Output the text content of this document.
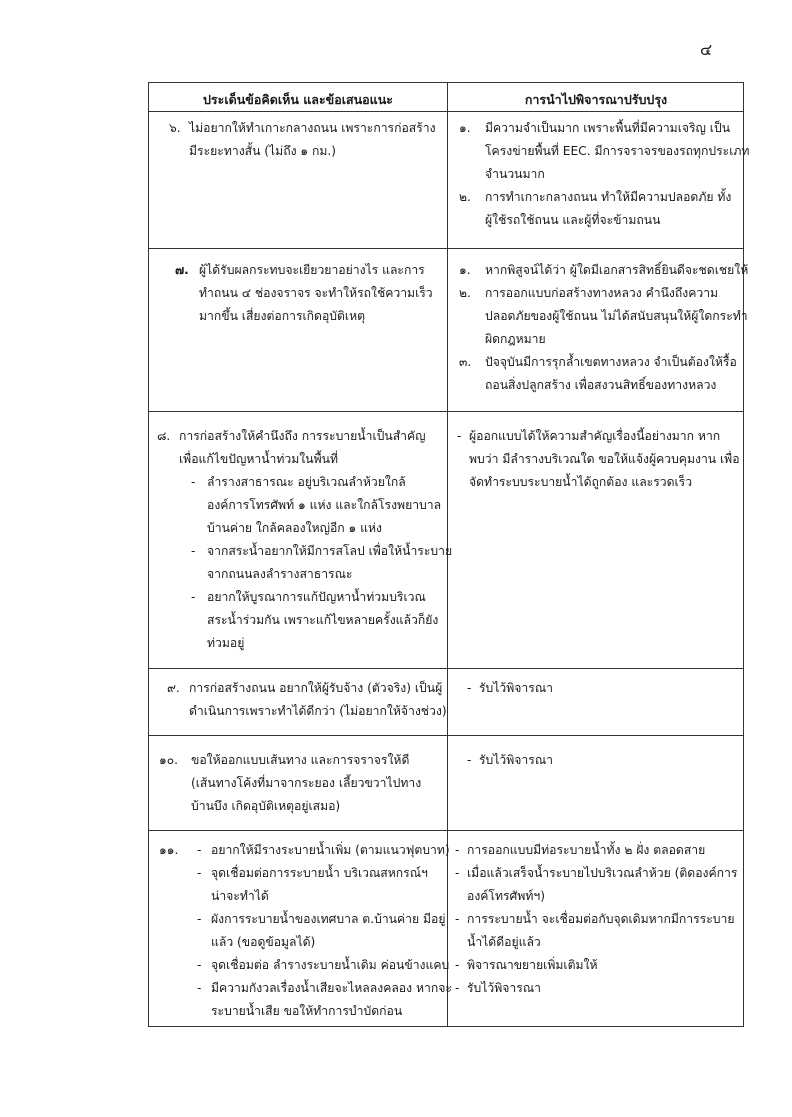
๔
ประเด็นข้อคิดเห็น และข้อเสนอแนะ	การนำไปพิจารณาปรับปรุง
๖. ไม่อยากให้ทำเกาะกลางถนน เพราะการก่อสร้าง
มีระยะทางสั้น (ไม่ถึง ๑ กม.)
๑. มีความจำเป็นมาก เพราะพื้นที่มีความเจริญ เป็น
โครงข่ายพื้นที่ EEC. มีการจราจรของรถทุกประเภท
จำนวนมาก
๒. การทำเกาะกลางถนน ทำให้มีความปลอดภัย ทั้ง
ผู้ใช้รถใช้ถนน และผู้ที่จะข้ามถนน
๗. ผู้ได้รับผลกระทบจะเยียวยาอย่างไร และการ
ทำถนน ๔ ช่องจราจร จะทำให้รถใช้ความเร็ว
มากขึ้น เสี่ยงต่อการเกิดอุบัติเหตุ
๑. หากพิสูจน์ได้ว่า ผู้ใดมีเอกสารสิทธิ์ยินดีจะชดเชยให้
๒. การออกแบบก่อสร้างทางหลวง คำนึงถึงความ
ปลอดภัยของผู้ใช้ถนน ไม่ได้สนับสนุนให้ผู้ใดกระทำ
ผิดกฎหมาย
๓. ปัจจุบันมีการรุกล้ำเขตทางหลวง จำเป็นต้องให้รื้อ
ถอนสิ่งปลูกสร้าง เพื่อสงวนสิทธิ์ของทางหลวง
๘. การก่อสร้างให้คำนึงถึง การระบายน้ำเป็นสำคัญ
เพื่อแก้ไขปัญหาน้ำท่วมในพื้นที่
- ลำรางสาธารณะ อยู่บริเวณลำห้วยใกล้
องค์การโทรศัพท์ ๑ แห่ง และใกล้โรงพยาบาล
บ้านค่าย ใกล้คลองใหญ่อีก ๑ แห่ง
- จากสระน้ำอยากให้มีการสโลป เพื่อให้น้ำระบาย
จากถนนลงลำรางสาธารณะ
- อยากให้บูรณาการแก้ปัญหาน้ำท่วมบริเวณ
สระน้ำร่วมกัน เพราะแก้ไขหลายครั้งแล้วก็ยัง
ท่วมอยู่
- ผู้ออกแบบได้ให้ความสำคัญเรื่องนี้อย่างมาก หาก
พบว่า มีลำรางบริเวณใด ขอให้แจ้งผู้ควบคุมงาน เพื่อ
จัดทำระบบระบายน้ำได้ถูกต้อง และรวดเร็ว
๙. การก่อสร้างถนน อยากให้ผู้รับจ้าง (ตัวจริง) เป็นผู้
ดำเนินการเพราะทำได้ดีกว่า (ไม่อยากให้จ้างช่วง)
- รับไว้พิจารณา
๑๐. ขอให้ออกแบบเส้นทาง และการจราจรให้ดี
(เส้นทางโค้งที่มาจากระยอง เลี้ยวขวาไปทาง
บ้านบึง เกิดอุบัติเหตุอยู่เสมอ)
- รับไว้พิจารณา
๑๑. - อยากให้มีรางระบายน้ำเพิ่ม (ตามแนวฟุตบาท)
- จุดเชื่อมต่อการระบายน้ำ บริเวณสหกรณ์ฯ
น่าจะทำได้
- ผังการระบายน้ำของเทศบาล ต.บ้านค่าย มีอยู่
แล้ว (ขอดูข้อมูลได้)
- จุดเชื่อมต่อ ลำรางระบายน้ำเดิม ค่อนข้างแคบ
- มีความกังวลเรื่องน้ำเสียจะไหลลงคลอง หากจะ
ระบายน้ำเสีย ขอให้ทำการบำบัดก่อน
- การออกแบบมีท่อระบายน้ำทั้ง ๒ ฝั่ง ตลอดสาย
- เมื่อแล้วเสร็จน้ำระบายไปบริเวณลำห้วย (ติดองค์การ
องค์โทรศัพท์ฯ)
- การระบายน้ำ จะเชื่อมต่อกับจุดเดิมหากมีการระบาย
น้ำได้ดีอยู่แล้ว
- พิจารณาขยายเพิ่มเติมให้
- รับไว้พิจารณา
